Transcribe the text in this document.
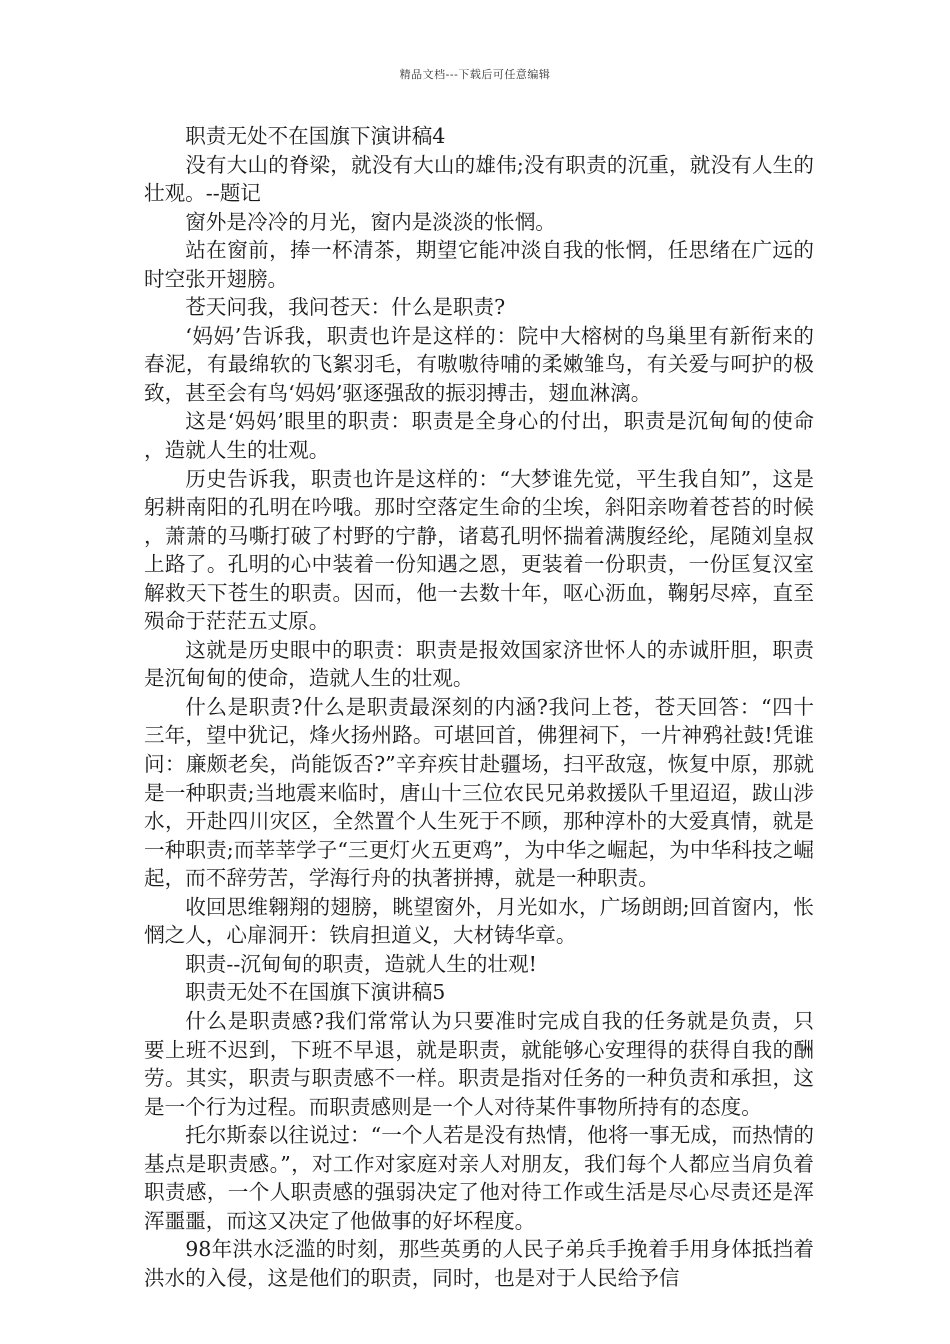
精品文档---下载后可任意编辑

职责无处不在国旗下演讲稿4

没有大山的脊梁，就没有大山的雄伟;没有职责的沉重，就没有人生的壮观。--题记

窗外是冷冷的月光，窗内是淡淡的怅惘。

站在窗前，捧一杯清茶，期望它能冲淡自我的怅惘，任思绪在广远的时空张开翅膀。

苍天问我，我问苍天：什么是职责?

‘妈妈’告诉我，职责也许是这样的：院中大榕树的鸟巢里有新衔来的春泥，有最绵软的飞絮羽毛，有嗷嗷待哺的柔嫩雏鸟，有关爱与呵护的极致，甚至会有鸟‘妈妈’驱逐强敌的振羽搏击，翅血淋漓。

这是‘妈妈’眼里的职责：职责是全身心的付出，职责是沉甸甸的使命，造就人生的壮观。

历史告诉我，职责也许是这样的：“大梦谁先觉，平生我自知”，这是躬耕南阳的孔明在吟哦。那时空落定生命的尘埃，斜阳亲吻着苍苔的时候，萧萧的马嘶打破了村野的宁静，诸葛孔明怀揣着满腹经纶，尾随刘皇叔上路了。孔明的心中装着一份知遇之恩，更装着一份职责，一份匡复汉室解救天下苍生的职责。因而，他一去数十年，呕心沥血，鞠躬尽瘁，直至殒命于茫茫五丈原。

这就是历史眼中的职责：职责是报效国家济世怀人的赤诚肝胆，职责是沉甸甸的使命，造就人生的壮观。

什么是职责?什么是职责最深刻的内涵?我问上苍，苍天回答：“四十三年，望中犹记，烽火扬州路。可堪回首，佛狸祠下，一片神鸦社鼓!凭谁问：廉颇老矣，尚能饭否?”辛弃疾甘赴疆场，扫平敌寇，恢复中原，那就是一种职责;当地震来临时，唐山十三位农民兄弟救援队千里迢迢，跋山涉水，开赴四川灾区，全然置个人生死于不顾，那种淳朴的大爱真情，就是一种职责;而莘莘学子“三更灯火五更鸡”，为中华之崛起，为中华科技之崛起，而不辞劳苦，学海行舟的执著拼搏，就是一种职责。

收回思维翱翔的翅膀，眺望窗外，月光如水，广场朗朗;回首窗内，怅惘之人，心扉洞开：铁肩担道义，大材铸华章。

职责--沉甸甸的职责，造就人生的壮观!

职责无处不在国旗下演讲稿5

什么是职责感?我们常常认为只要准时完成自我的任务就是负责，只要上班不迟到，下班不早退，就是职责，就能够心安理得的获得自我的酬劳。其实，职责与职责感不一样。职责是指对任务的一种负责和承担，这是一个行为过程。而职责感则是一个人对待某件事物所持有的态度。

托尔斯泰以往说过：“一个人若是没有热情，他将一事无成，而热情的基点是职责感。”，对工作对家庭对亲人对朋友，我们每个人都应当肩负着职责感，一个人职责感的强弱决定了他对待工作或生活是尽心尽责还是浑浑噩噩，而这又决定了他做事的好坏程度。

98年洪水泛滥的时刻，那些英勇的人民子弟兵手挽着手用身体抵挡着洪水的入侵，这是他们的职责，同时，也是对于人民给予信
